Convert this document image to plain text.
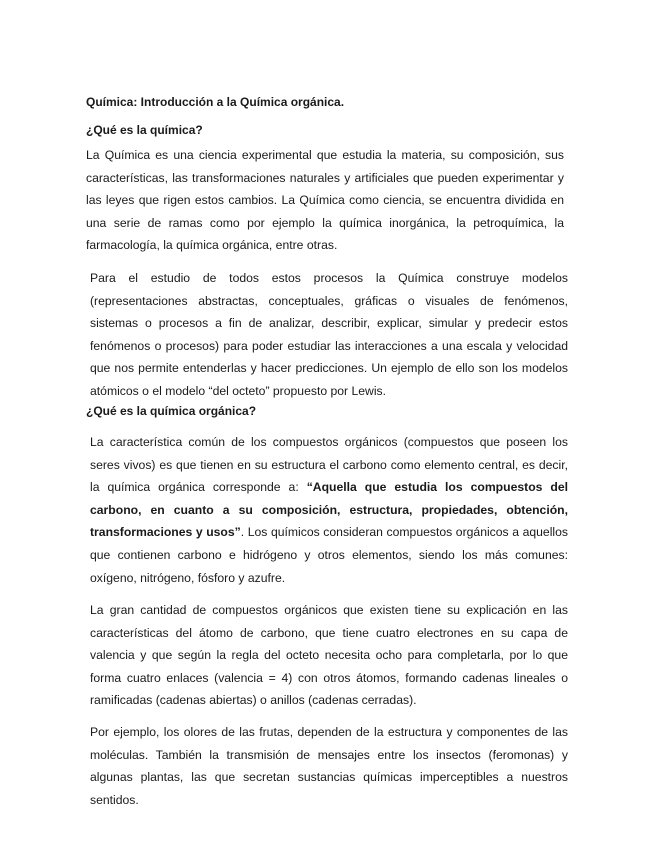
Química: Introducción a la Química orgánica.

¿Qué es la química?

La Química es una ciencia experimental que estudia la materia, su composición, sus características, las transformaciones naturales y artificiales que pueden experimentar y las leyes que rigen estos cambios. La Química como ciencia, se encuentra dividida en una serie de ramas como por ejemplo la química inorgánica, la petroquímica, la farmacología, la química orgánica, entre otras.

Para el estudio de todos estos procesos la Química construye modelos (representaciones abstractas, conceptuales, gráficas o visuales de fenómenos, sistemas o procesos a fin de analizar, describir, explicar, simular y predecir estos fenómenos o procesos) para poder estudiar las interacciones a una escala y velocidad que nos permite entenderlas y hacer predicciones. Un ejemplo de ello son los modelos atómicos o el modelo “del octeto” propuesto por Lewis.

¿Qué es la química orgánica?

La característica común de los compuestos orgánicos (compuestos que poseen los seres vivos) es que tienen en su estructura el carbono como elemento central, es decir, la química orgánica corresponde a: “Aquella que estudia los compuestos del carbono, en cuanto a su composición, estructura, propiedades, obtención, transformaciones y usos”. Los químicos consideran compuestos orgánicos a aquellos que contienen carbono e hidrógeno y otros elementos, siendo los más comunes: oxígeno, nitrógeno, fósforo y azufre.

La gran cantidad de compuestos orgánicos que existen tiene su explicación en las características del átomo de carbono, que tiene cuatro electrones en su capa de valencia y que según la regla del octeto necesita ocho para completarla, por lo que forma cuatro enlaces (valencia = 4) con otros átomos, formando cadenas lineales o ramificadas (cadenas abiertas) o anillos (cadenas cerradas).

Por ejemplo, los olores de las frutas, dependen de la estructura y componentes de las moléculas. También la transmisión de mensajes entre los insectos (feromonas) y algunas plantas, las que secretan sustancias químicas imperceptibles a nuestros sentidos.
